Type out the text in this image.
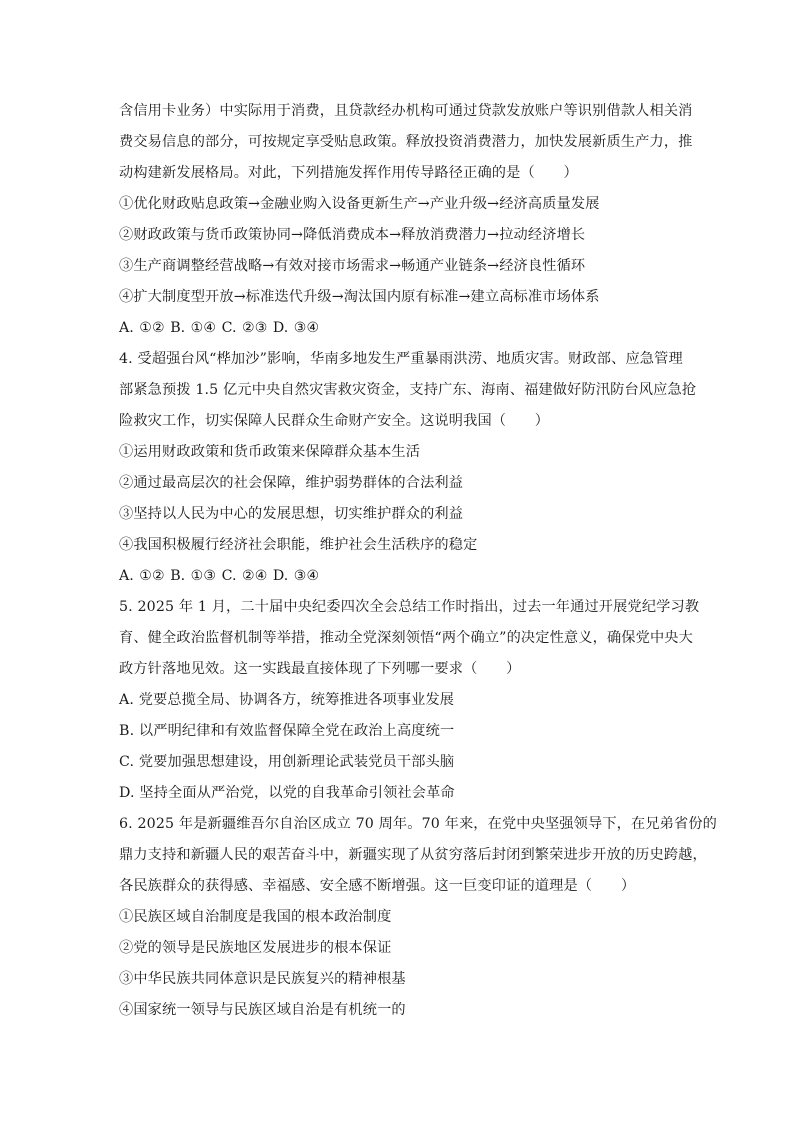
含信用卡业务）中实际用于消费，且贷款经办机构可通过贷款发放账户等识别借款人相关消
费交易信息的部分，可按规定享受贴息政策。释放投资消费潜力，加快发展新质生产力，推
动构建新发展格局。对此，下列措施发挥作用传导路径正确的是（　　）
①优化财政贴息政策→金融业购入设备更新生产→产业升级→经济高质量发展
②财政政策与货币政策协同→降低消费成本→释放消费潜力→拉动经济增长
③生产商调整经营战略→有效对接市场需求→畅通产业链条→经济良性循环
④扩大制度型开放→标准迭代升级→淘汰国内原有标准→建立高标准市场体系
A. ①② B. ①④ C. ②③ D. ③④
4. 受超强台风“桦加沙”影响，华南多地发生严重暴雨洪涝、地质灾害。财政部、应急管理
部紧急预拨 1.5 亿元中央自然灾害救灾资金，支持广东、海南、福建做好防汛防台风应急抢
险救灾工作，切实保障人民群众生命财产安全。这说明我国（　　）
①运用财政政策和货币政策来保障群众基本生活
②通过最高层次的社会保障，维护弱势群体的合法利益
③坚持以人民为中心的发展思想，切实维护群众的利益
④我国积极履行经济社会职能，维护社会生活秩序的稳定
A. ①② B. ①③ C. ②④ D. ③④
5. 2025 年 1 月，二十届中央纪委四次全会总结工作时指出，过去一年通过开展党纪学习教
育、健全政治监督机制等举措，推动全党深刻领悟“两个确立”的决定性意义，确保党中央大
政方针落地见效。这一实践最直接体现了下列哪一要求（　　）
A. 党要总揽全局、协调各方，统筹推进各项事业发展
B. 以严明纪律和有效监督保障全党在政治上高度统一
C. 党要加强思想建设，用创新理论武装党员干部头脑
D. 坚持全面从严治党，以党的自我革命引领社会革命
6. 2025 年是新疆维吾尔自治区成立 70 周年。70 年来，在党中央坚强领导下，在兄弟省份的
鼎力支持和新疆人民的艰苦奋斗中，新疆实现了从贫穷落后封闭到繁荣进步开放的历史跨越，
各民族群众的获得感、幸福感、安全感不断增强。这一巨变印证的道理是（　　）
①民族区域自治制度是我国的根本政治制度
②党的领导是民族地区发展进步的根本保证
③中华民族共同体意识是民族复兴的精神根基
④国家统一领导与民族区域自治是有机统一的
